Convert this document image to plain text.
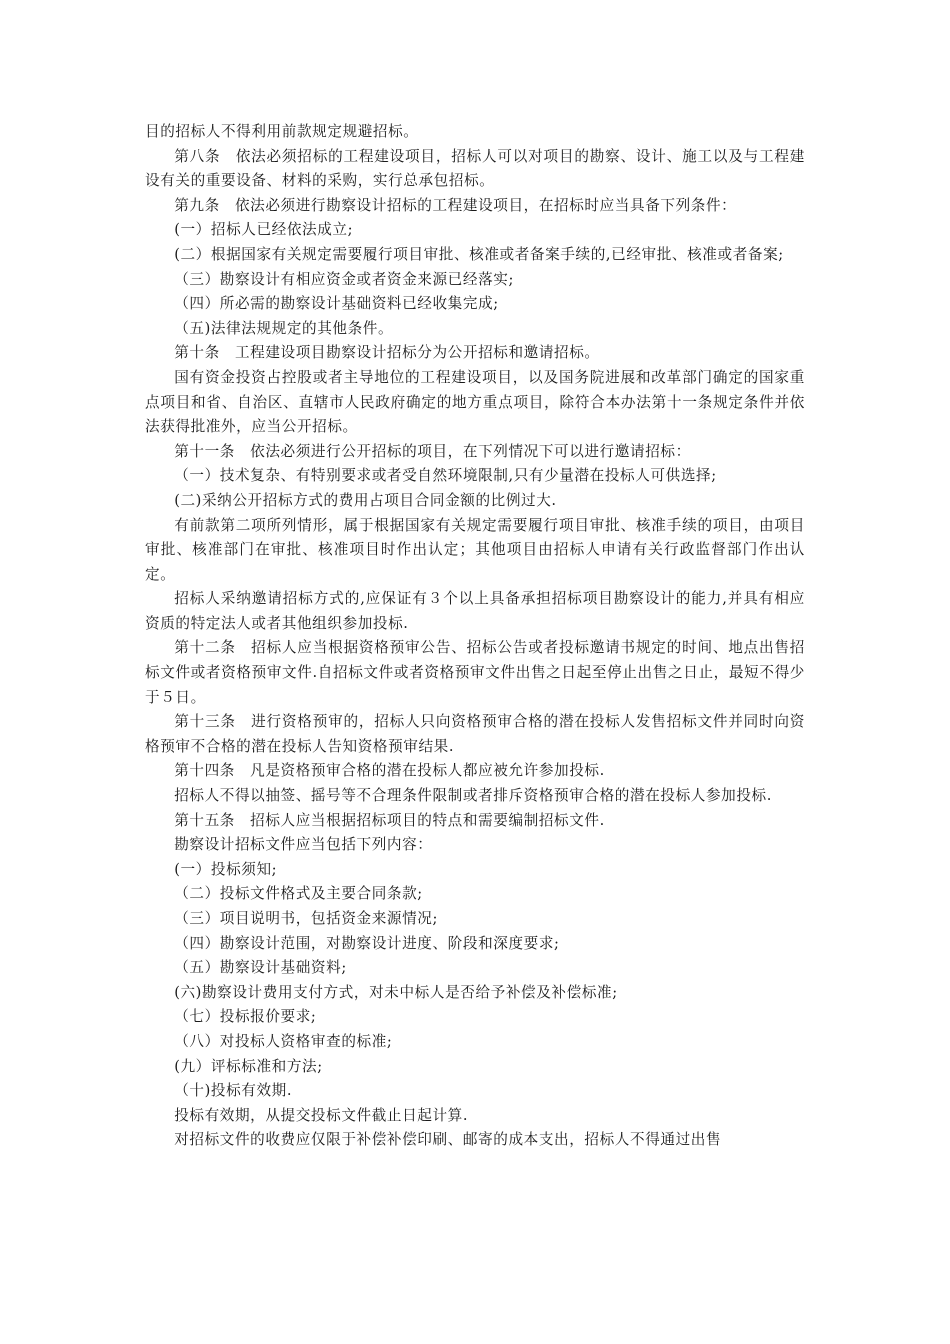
目的招标人不得利用前款规定规避招标。

第八条　依法必须招标的工程建设项目，招标人可以对项目的勘察、设计、施工以及与工程建设有关的重要设备、材料的采购，实行总承包招标。

第九条　依法必须进行勘察设计招标的工程建设项目，在招标时应当具备下列条件：

(一）招标人已经依法成立;

(二）根据国家有关规定需要履行项目审批、核准或者备案手续的,已经审批、核准或者备案;

（三）勘察设计有相应资金或者资金来源已经落实;

（四）所必需的勘察设计基础资料已经收集完成;

（五)法律法规规定的其他条件。

第十条　工程建设项目勘察设计招标分为公开招标和邀请招标。

国有资金投资占控股或者主导地位的工程建设项目，以及国务院进展和改革部门确定的国家重点项目和省、自治区、直辖市人民政府确定的地方重点项目，除符合本办法第十一条规定条件并依法获得批准外，应当公开招标。

第十一条　依法必须进行公开招标的项目，在下列情况下可以进行邀请招标：

（一）技术复杂、有特别要求或者受自然环境限制,只有少量潜在投标人可供选择;

(二)采纳公开招标方式的费用占项目合同金额的比例过大.

有前款第二项所列情形，属于根据国家有关规定需要履行项目审批、核准手续的项目，由项目审批、核准部门在审批、核准项目时作出认定；其他项目由招标人申请有关行政监督部门作出认定。

招标人采纳邀请招标方式的,应保证有３个以上具备承担招标项目勘察设计的能力,并具有相应资质的特定法人或者其他组织参加投标.

第十二条　招标人应当根据资格预审公告、招标公告或者投标邀请书规定的时间、地点出售招标文件或者资格预审文件.自招标文件或者资格预审文件出售之日起至停止出售之日止，最短不得少于５日。

第十三条　进行资格预审的，招标人只向资格预审合格的潜在投标人发售招标文件并同时向资格预审不合格的潜在投标人告知资格预审结果.

第十四条　凡是资格预审合格的潜在投标人都应被允许参加投标.

招标人不得以抽签、摇号等不合理条件限制或者排斥资格预审合格的潜在投标人参加投标.

第十五条　招标人应当根据招标项目的特点和需要编制招标文件.

勘察设计招标文件应当包括下列内容：

(一）投标须知;

（二）投标文件格式及主要合同条款;

（三）项目说明书，包括资金来源情况;

（四）勘察设计范围，对勘察设计进度、阶段和深度要求;

（五）勘察设计基础资料;

(六)勘察设计费用支付方式，对未中标人是否给予补偿及补偿标准;

（七）投标报价要求;

（八）对投标人资格审查的标准;

(九）评标标准和方法;

（十)投标有效期.

投标有效期，从提交投标文件截止日起计算.

对招标文件的收费应仅限于补偿补偿印刷、邮寄的成本支出，招标人不得通过出售
